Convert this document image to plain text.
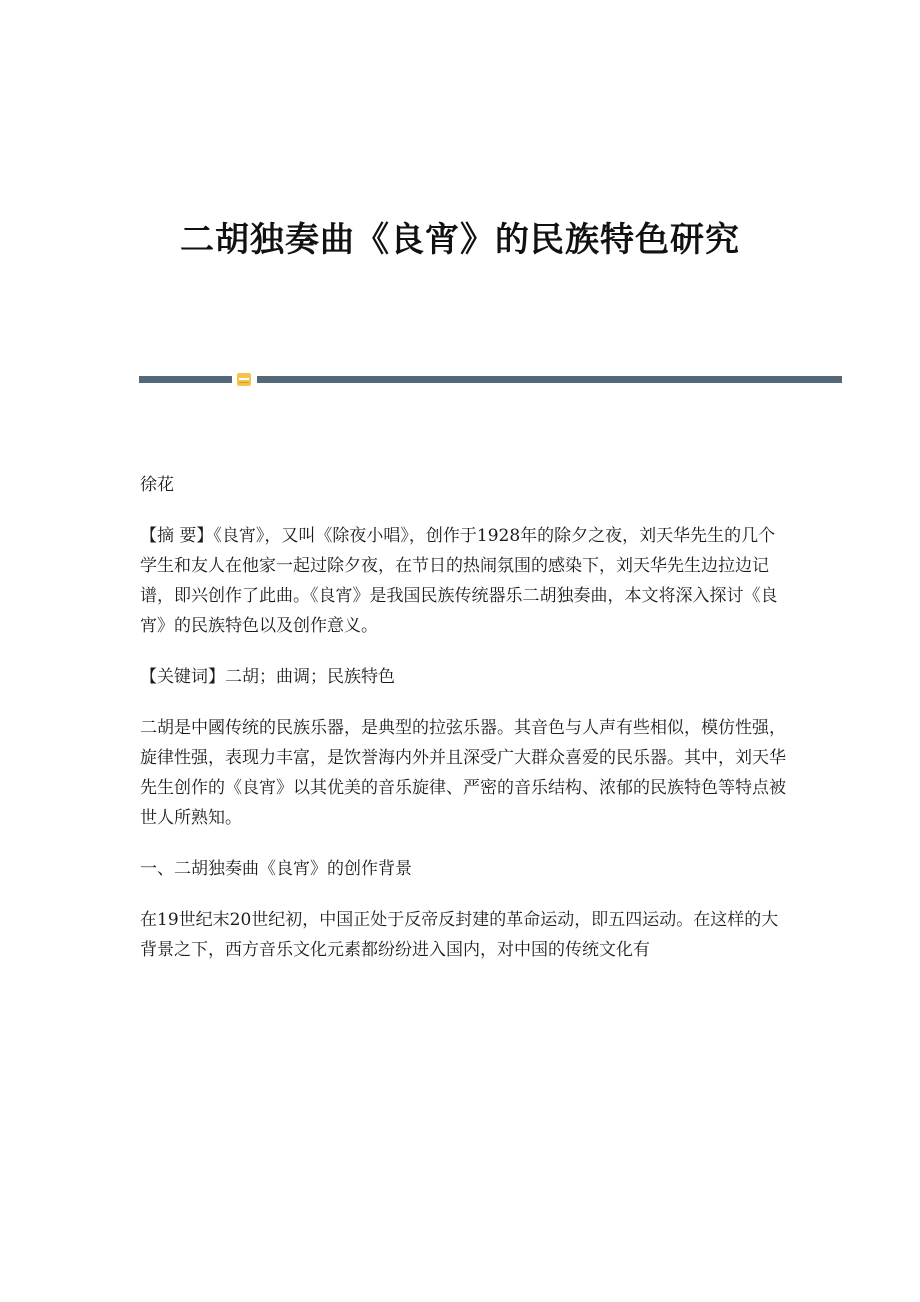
二胡独奏曲《良宵》的民族特色研究
徐花

【摘 要】《良宵》，又叫《除夜小唱》，创作于1928年的除夕之夜，刘天华先生的几个学生和友人在他家一起过除夕夜，在节日的热闹氛围的感染下，刘天华先生边拉边记谱，即兴创作了此曲。《良宵》是我国民族传统器乐二胡独奏曲，本文将深入探讨《良宵》的民族特色以及创作意义。

【关键词】二胡；曲调；民族特色

二胡是中國传统的民族乐器，是典型的拉弦乐器。其音色与人声有些相似，模仿性强，旋律性强，表现力丰富，是饮誉海内外并且深受广大群众喜爱的民乐器。其中，刘天华先生创作的《良宵》以其优美的音乐旋律、严密的音乐结构、浓郁的民族特色等特点被世人所熟知。

一、二胡独奏曲《良宵》的创作背景

在19世纪末20世纪初，中国正处于反帝反封建的革命运动，即五四运动。在这样的大背景之下，西方音乐文化元素都纷纷进入国内，对中国的传统文化有
